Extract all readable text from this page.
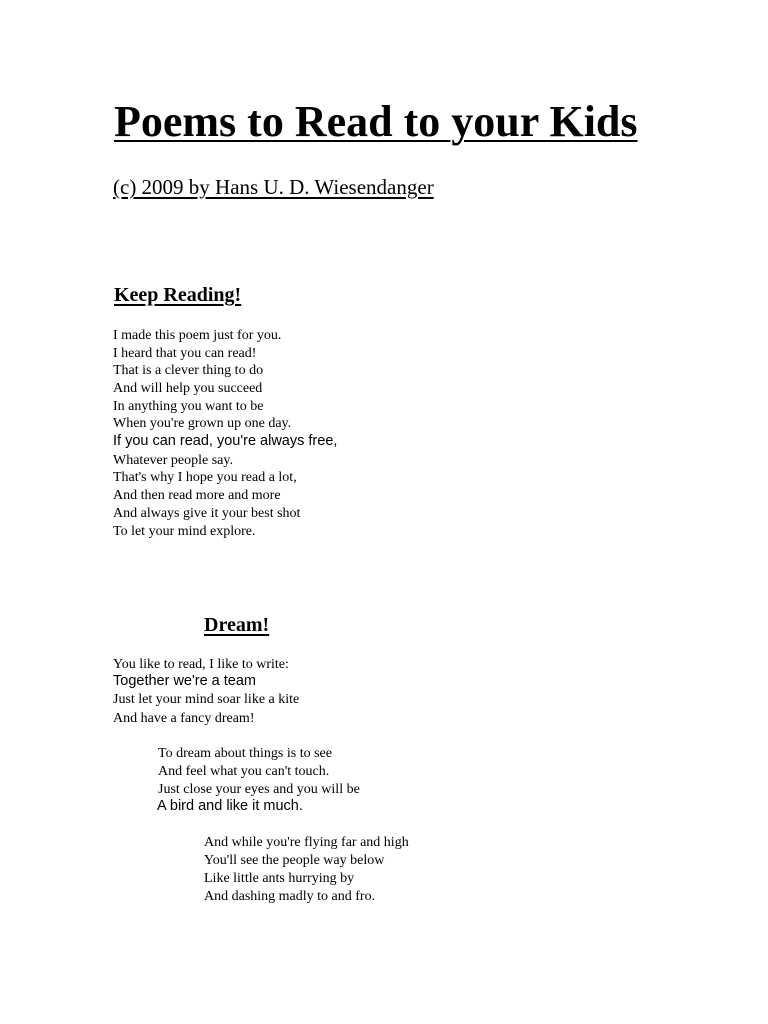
Poems to Read to your Kids
(c) 2009 by Hans U. D. Wiesendanger
Keep Reading!
I made this poem just for you.
I heard that you can read!
That is a clever thing to do
And will help you succeed
In anything you want to be
When you're grown up one day.
If you can read, you're always free,
Whatever people say.
That's why I hope you read a lot,
And then read more and more
And always give it your best shot
To let your mind explore.
Dream!
You like to read, I like to write:
Together we're a team
Just let your mind soar like a kite
And have a fancy dream!
To dream about things is to see
And feel what you can't touch.
Just close your eyes and you will be
A bird and like it much.
And while you're flying far and high
You'll see the people way below
Like little ants hurrying by
And dashing madly to and fro.
